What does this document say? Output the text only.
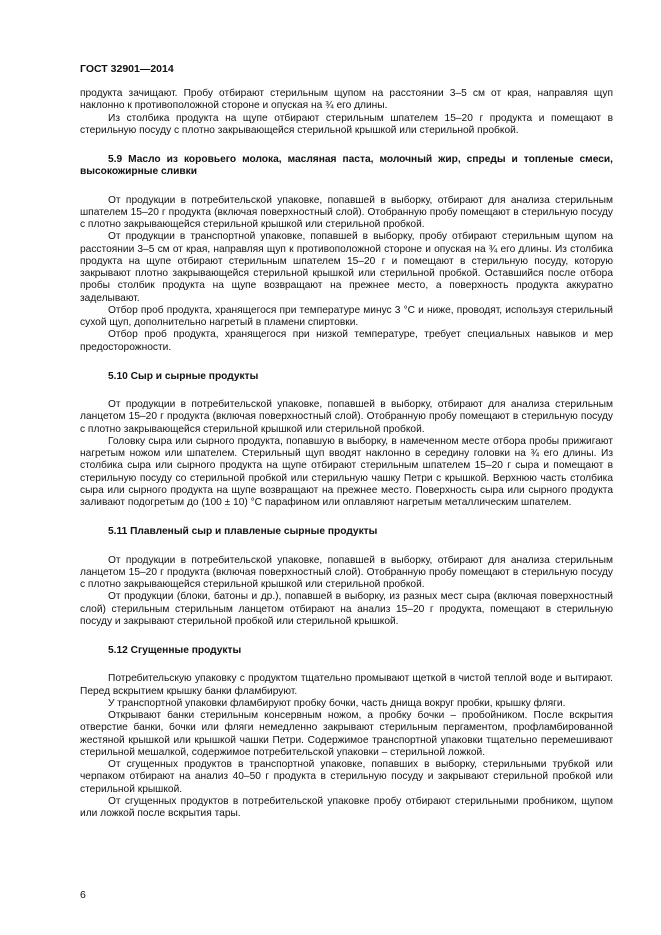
ГОСТ 32901—2014

продукта зачищают. Пробу отбирают стерильным щупом на расстоянии 3–5 см от края, направляя щуп наклонно к противоположной стороне и опуская на ¾ его длины.

Из столбика продукта на щупе отбирают стерильным шпателем 15–20 г продукта и помещают в стерильную посуду с плотно закрывающейся стерильной крышкой или стерильной пробкой.

5.9 Масло из коровьего молока, масляная паста, молочный жир, спреды и топленые смеси, высокожирные сливки

От продукции в потребительской упаковке, попавшей в выборку, отбирают для анализа стерильным шпателем 15–20 г продукта (включая поверхностный слой). Отобранную пробу помещают в стерильную посуду с плотно закрывающейся стерильной крышкой или стерильной пробкой.

От продукции в транспортной упаковке, попавшей в выборку, пробу отбирают стерильным щупом на расстоянии 3–5 см от края, направляя щуп к противоположной стороне и опуская на ¾ его длины. Из столбика продукта на щупе отбирают стерильным шпателем 15–20 г и помещают в стерильную посуду, которую закрывают плотно закрывающейся стерильной крышкой или стерильной пробкой. Оставшийся после отбора пробы столбик продукта на щупе возвращают на прежнее место, а поверхность продукта аккуратно заделывают.

Отбор проб продукта, хранящегося при температуре минус 3 °С и ниже, проводят, используя стерильный сухой щуп, дополнительно нагретый в пламени спиртовки.

Отбор проб продукта, хранящегося при низкой температуре, требует специальных навыков и мер предосторожности.

5.10 Сыр и сырные продукты

От продукции в потребительской упаковке, попавшей в выборку, отбирают для анализа стерильным ланцетом 15–20 г продукта (включая поверхностный слой). Отобранную пробу помещают в стерильную посуду с плотно закрывающейся стерильной крышкой или стерильной пробкой.

Головку сыра или сырного продукта, попавшую в выборку, в намеченном месте отбора пробы прижигают нагретым ножом или шпателем. Стерильный щуп вводят наклонно в середину головки на ¾ его длины. Из столбика сыра или сырного продукта на щупе отбирают стерильным шпателем 15–20 г сыра и помещают в стерильную посуду со стерильной пробкой или стерильную чашку Петри с крышкой. Верхнюю часть столбика сыра или сырного продукта на щупе возвращают на прежнее место. Поверхность сыра или сырного продукта заливают подогретым до (100 ± 10) °С парафином или оплавляют нагретым металлическим шпателем.

5.11 Плавленый сыр и плавленые сырные продукты

От продукции в потребительской упаковке, попавшей в выборку, отбирают для анализа стерильным ланцетом 15–20 г продукта (включая поверхностный слой). Отобранную пробу помещают в стерильную посуду с плотно закрывающейся стерильной крышкой или стерильной пробкой.

От продукции (блоки, батоны и др.), попавшей в выборку, из разных мест сыра (включая поверхностный слой) стерильным стерильным ланцетом отбирают на анализ 15–20 г продукта, помещают в стерильную посуду и закрывают стерильной пробкой или стерильной крышкой.

5.12 Сгущенные продукты

Потребительскую упаковку с продуктом тщательно промывают щеткой в чистой теплой воде и вытирают. Перед вскрытием крышку банки фламбируют.

У транспортной упаковки фламбируют пробку бочки, часть днища вокруг пробки, крышку фляги.

Открывают банки стерильным консервным ножом, а пробку бочки – пробойником. После вскрытия отверстие банки, бочки или фляги немедленно закрывают стерильным пергаментом, профламбированной жестяной крышкой или крышкой чашки Петри. Содержимое транспортной упаковки тщательно перемешивают стерильной мешалкой, содержимое потребительской упаковки – стерильной ложкой.

От сгущенных продуктов в транспортной упаковке, попавших в выборку, стерильными трубкой или черпаком отбирают на анализ 40–50 г продукта в стерильную посуду и закрывают стерильной пробкой или стерильной крышкой.

От сгущенных продуктов в потребительской упаковке пробу отбирают стерильными пробником, щупом или ложкой после вскрытия тары.

6
